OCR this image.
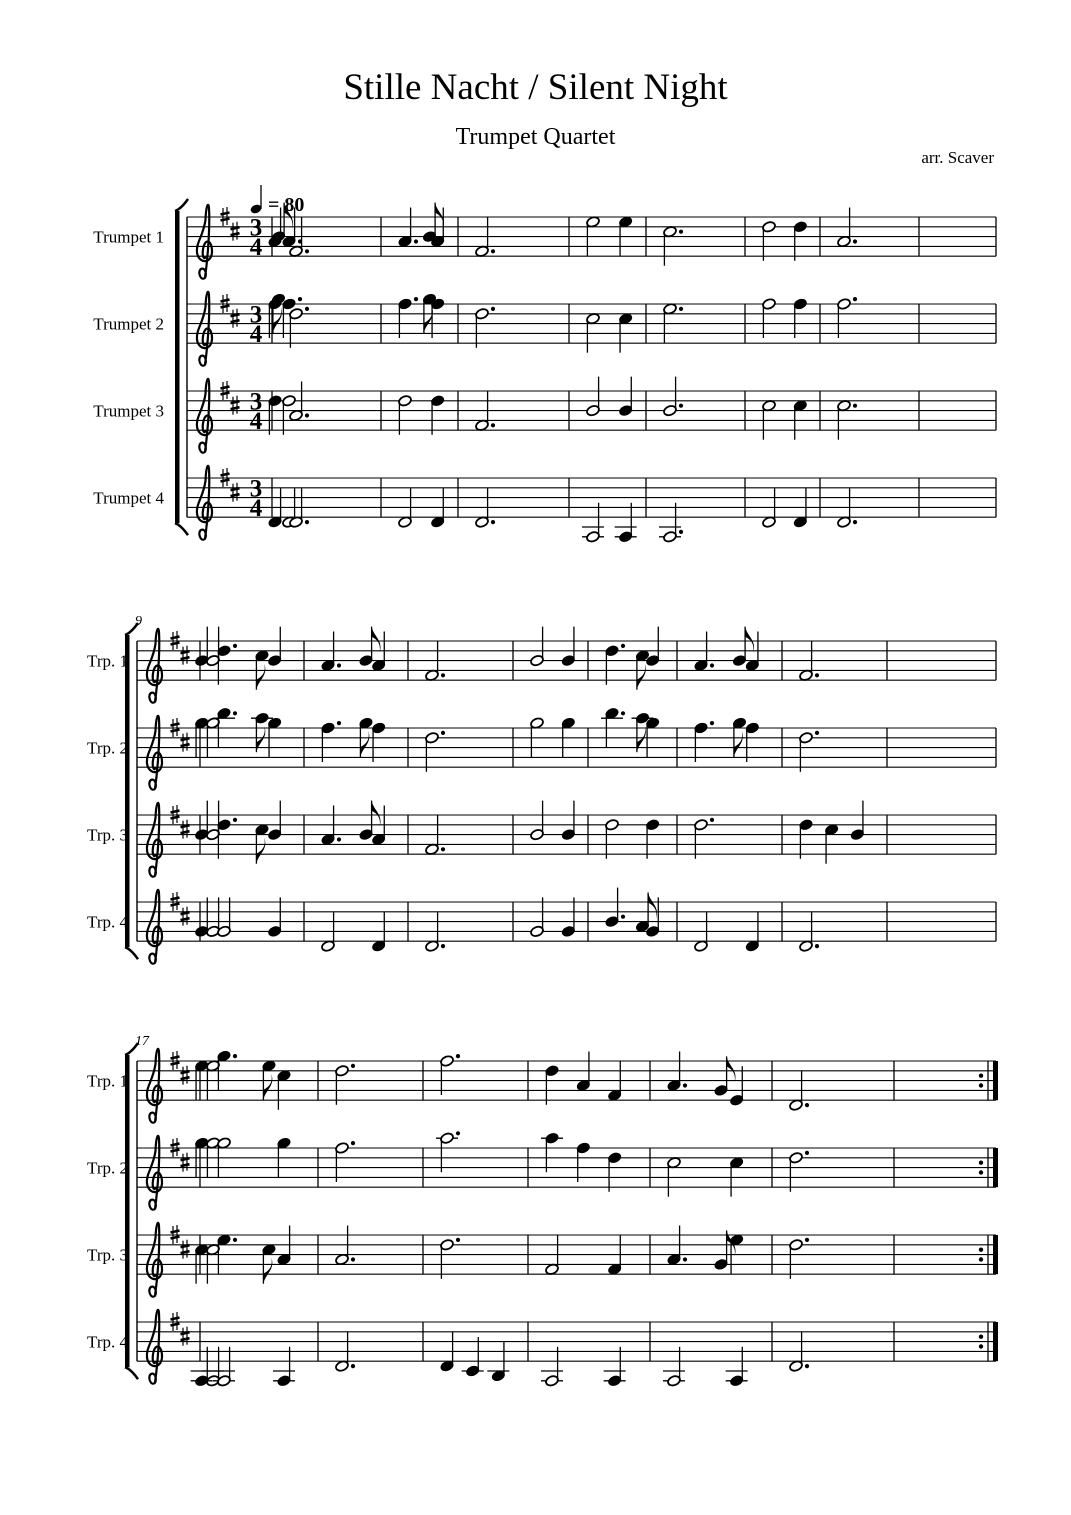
Stille Nacht / Silent Night
Trumpet Quartet
arr. Scaver
Trumpet 1	3
4
Trumpet 2	3
4
Trumpet 3	3
4
Trumpet 4	3
4
9
Trp. 1
Trp. 2
Trp. 3
Trp. 4
17
Trp. 1
Trp. 2
Trp. 3
Trp. 4
= 80
